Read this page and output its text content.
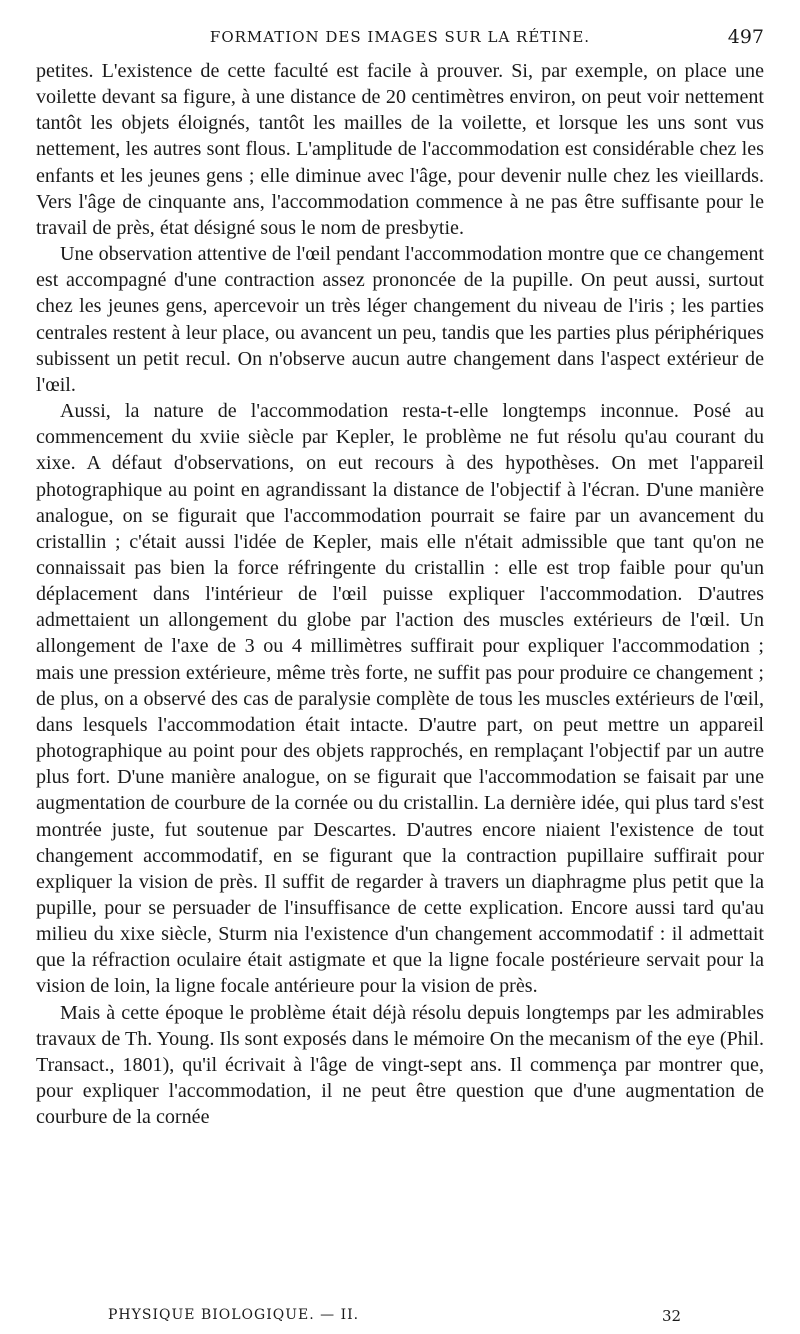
FORMATION DES IMAGES SUR LA RÉTINE.	497

petites. L'existence de cette faculté est facile à prouver. Si, par exemple, on place une voilette devant sa figure, à une distance de 20 centimètres environ, on peut voir nettement tantôt les objets éloignés, tantôt les mailles de la voilette, et lorsque les uns sont vus nettement, les autres sont flous. L'amplitude de l'accommodation est considérable chez les enfants et les jeunes gens ; elle diminue avec l'âge, pour devenir nulle chez les vieillards. Vers l'âge de cinquante ans, l'accommodation commence à ne pas être suffisante pour le travail de près, état désigné sous le nom de presbytie.

Une observation attentive de l'œil pendant l'accommodation montre que ce changement est accompagné d'une contraction assez prononcée de la pupille. On peut aussi, surtout chez les jeunes gens, apercevoir un très léger changement du niveau de l'iris ; les parties centrales restent à leur place, ou avancent un peu, tandis que les parties plus périphériques subissent un petit recul. On n'observe aucun autre changement dans l'aspect extérieur de l'œil.

Aussi, la nature de l'accommodation resta-t-elle longtemps inconnue. Posé au commencement du xviie siècle par Kepler, le problème ne fut résolu qu'au courant du xixe. A défaut d'observations, on eut recours à des hypothèses. On met l'appareil photographique au point en agrandissant la distance de l'objectif à l'écran. D'une manière analogue, on se figurait que l'accommodation pourrait se faire par un avancement du cristallin ; c'était aussi l'idée de Kepler, mais elle n'était admissible que tant qu'on ne connaissait pas bien la force réfringente du cristallin : elle est trop faible pour qu'un déplacement dans l'intérieur de l'œil puisse expliquer l'accommodation. D'autres admettaient un allongement du globe par l'action des muscles extérieurs de l'œil. Un allongement de l'axe de 3 ou 4 millimètres suffirait pour expliquer l'accommodation ; mais une pression extérieure, même très forte, ne suffit pas pour produire ce changement ; de plus, on a observé des cas de paralysie complète de tous les muscles extérieurs de l'œil, dans lesquels l'accommodation était intacte. D'autre part, on peut mettre un appareil photographique au point pour des objets rapprochés, en remplaçant l'objectif par un autre plus fort. D'une manière analogue, on se figurait que l'accommodation se faisait par une augmentation de courbure de la cornée ou du cristallin. La dernière idée, qui plus tard s'est montrée juste, fut soutenue par Descartes. D'autres encore niaient l'existence de tout changement accommodatif, en se figurant que la contraction pupillaire suffirait pour expliquer la vision de près. Il suffit de regarder à travers un diaphragme plus petit que la pupille, pour se persuader de l'insuffisance de cette explication. Encore aussi tard qu'au milieu du xixe siècle, Sturm nia l'existence d'un changement accommodatif : il admettait que la réfraction oculaire était astigmate et que la ligne focale postérieure servait pour la vision de loin, la ligne focale antérieure pour la vision de près.

Mais à cette époque le problème était déjà résolu depuis longtemps par les admirables travaux de Th. Young. Ils sont exposés dans le mémoire On the mecanism of the eye (Phil. Transact., 1801), qu'il écrivait à l'âge de vingt-sept ans. Il commença par montrer que, pour expliquer l'accommodation, il ne peut être question que d'une augmentation de courbure de la cornée

PHYSIQUE BIOLOGIQUE. — II.	32
